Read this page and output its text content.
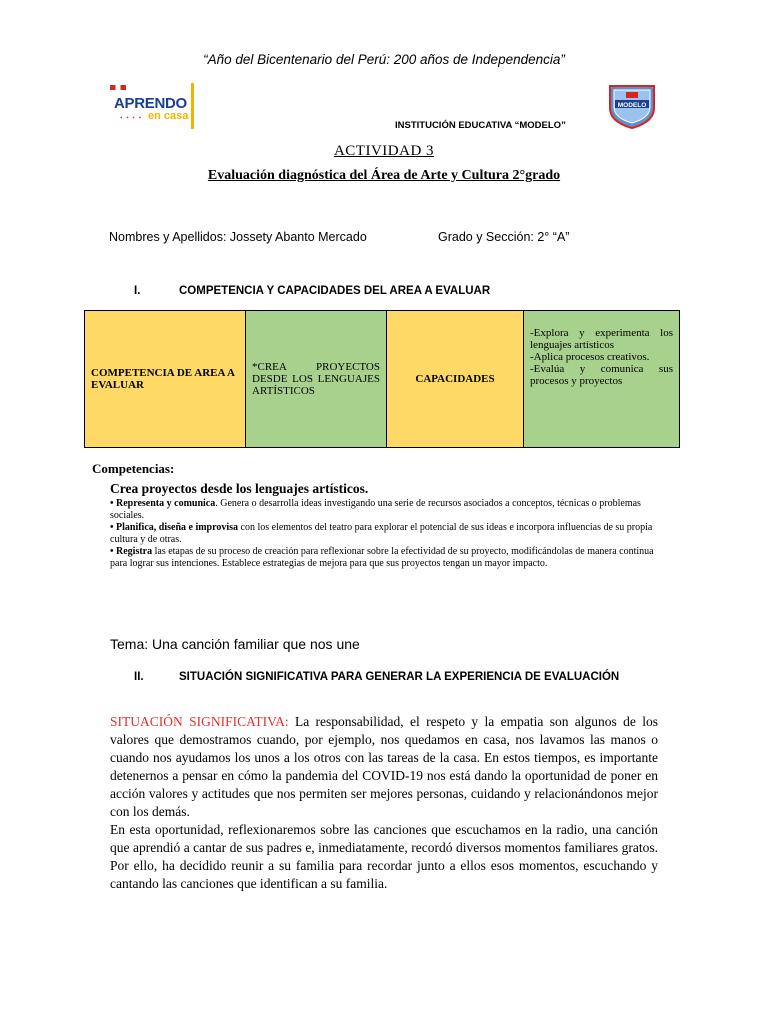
“Año del Bicentenario del Perú: 200 años de Independencia”
APRENDO
• • • • en casa
MODELO
INSTITUCIÓN EDUCATIVA “MODELO”
ACTIVIDAD 3
Evaluación diagnóstica del Área de Arte y Cultura 2°grado
Nombres y Apellidos: Jossety Abanto Mercado	Grado y Sección: 2° “A”
I.	COMPETENCIA Y CAPACIDADES DEL AREA A EVALUAR
COMPETENCIA DE AREA A EVALUAR	*CREA PROYECTOS DESDE LOS LENGUAJES ARTÍSTICOS	CAPACIDADES	
-Explora y experimenta los lenguajes artísticos
-Aplica procesos creativos.
-Evalúa y comunica sus procesos y proyectos
Competencias:
Crea proyectos desde los lenguajes artísticos.

• Representa y comunica. Genera o desarrolla ideas investigando una serie de recursos asociados a conceptos, técnicas o problemas sociales.

• Planifica, diseña e improvisa con los elementos del teatro para explorar el potencial de sus ideas e incorpora influencias de su propia cultura y de otras.

• Registra las etapas de su proceso de creación para reflexionar sobre la efectividad de su proyecto, modificándolas de manera continua para lograr sus intenciones. Establece estrategias de mejora para que sus proyectos tengan un mayor impacto.

Tema: Una canción familiar que nos une
II.	SITUACIÓN SIGNIFICATIVA PARA GENERAR LA EXPERIENCIA DE EVALUACIÓN

SITUACIÓN SIGNIFICATIVA: La responsabilidad, el respeto y la empatia son algunos de los valores que demostramos cuando, por ejemplo, nos quedamos en casa, nos lavamos las manos o cuando nos ayudamos los unos a los otros con las tareas de la casa. En estos tiempos, es importante detenernos a pensar en cómo la pandemia del COVID-19 nos está dando la oportunidad de poner en acción valores y actitudes que nos permiten ser mejores personas, cuidando y relacionándonos mejor con los demás.

En esta oportunidad, reflexionaremos sobre las canciones que escuchamos en la radio, una canción que aprendió a cantar de sus padres e, inmediatamente, recordó diversos momentos familiares gratos. Por ello, ha decidido reunir a su familia para recordar junto a ellos esos momentos, escuchando y cantando las canciones que identifican a su familia.
